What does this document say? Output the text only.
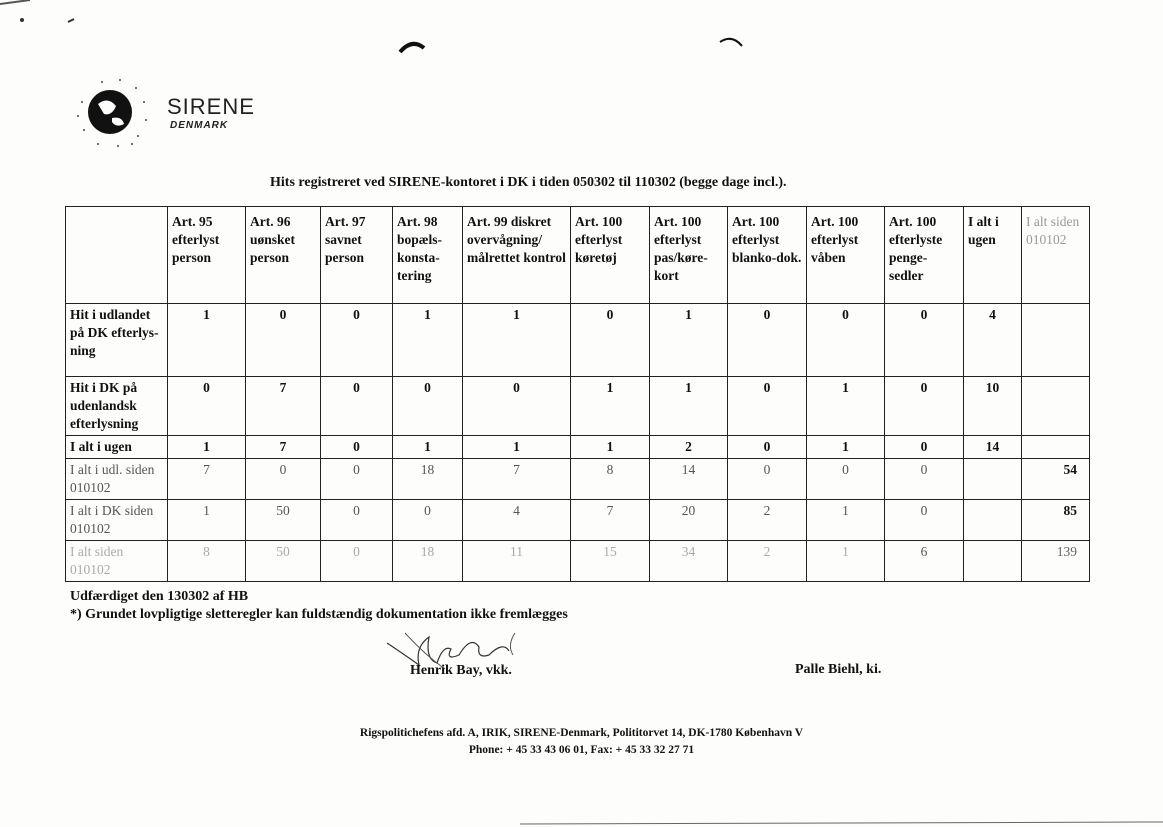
SIRENE
DENMARK
Hits registreret ved SIRENE-kontoret i DK i tiden 050302 til 110302 (begge dage incl.).
	Art. 95 efterlyst person	Art. 96 uønsket person	Art. 97 savnet person	Art. 98 bopæls-konsta-tering	Art. 99 diskret overvågning/ målrettet kontrol	Art. 100 efterlyst køretøj	Art. 100 efterlyst pas/køre-kort	Art. 100 efterlyst blanko-dok.	Art. 100 efterlyst våben	Art. 100 efterlyste penge-sedler	I alt i ugen	I alt siden 010102
Hit i udlandet på DK efterlys-ning	1	0	0	1	1	0	1	0	0	0	4	
Hit i DK på udenlandsk efterlysning	0	7	0	0	0	1	1	0	1	0	10	
I alt i ugen	1	7	0	1	1	1	2	0	1	0	14	
I alt i udl. siden 010102	7	0	0	18	7	8	14	0	0	0		54
I alt i DK siden 010102	1	50	0	0	4	7	20	2	1	0		85
I alt siden 010102	8	50	0	18	11	15	34	2	1	6		139
Udfærdiget den 130302 af HB
*) Grundet lovpligtige sletteregler kan fuldstændig dokumentation ikke fremlægges
Henrik Bay, vkk.	Palle Biehl, ki.
Rigspolitichefens afd. A, IRIK, SIRENE-Denmark, Polititorvet 14, DK-1780 København V
Phone: + 45 33 43 06 01, Fax: + 45 33 32 27 71
